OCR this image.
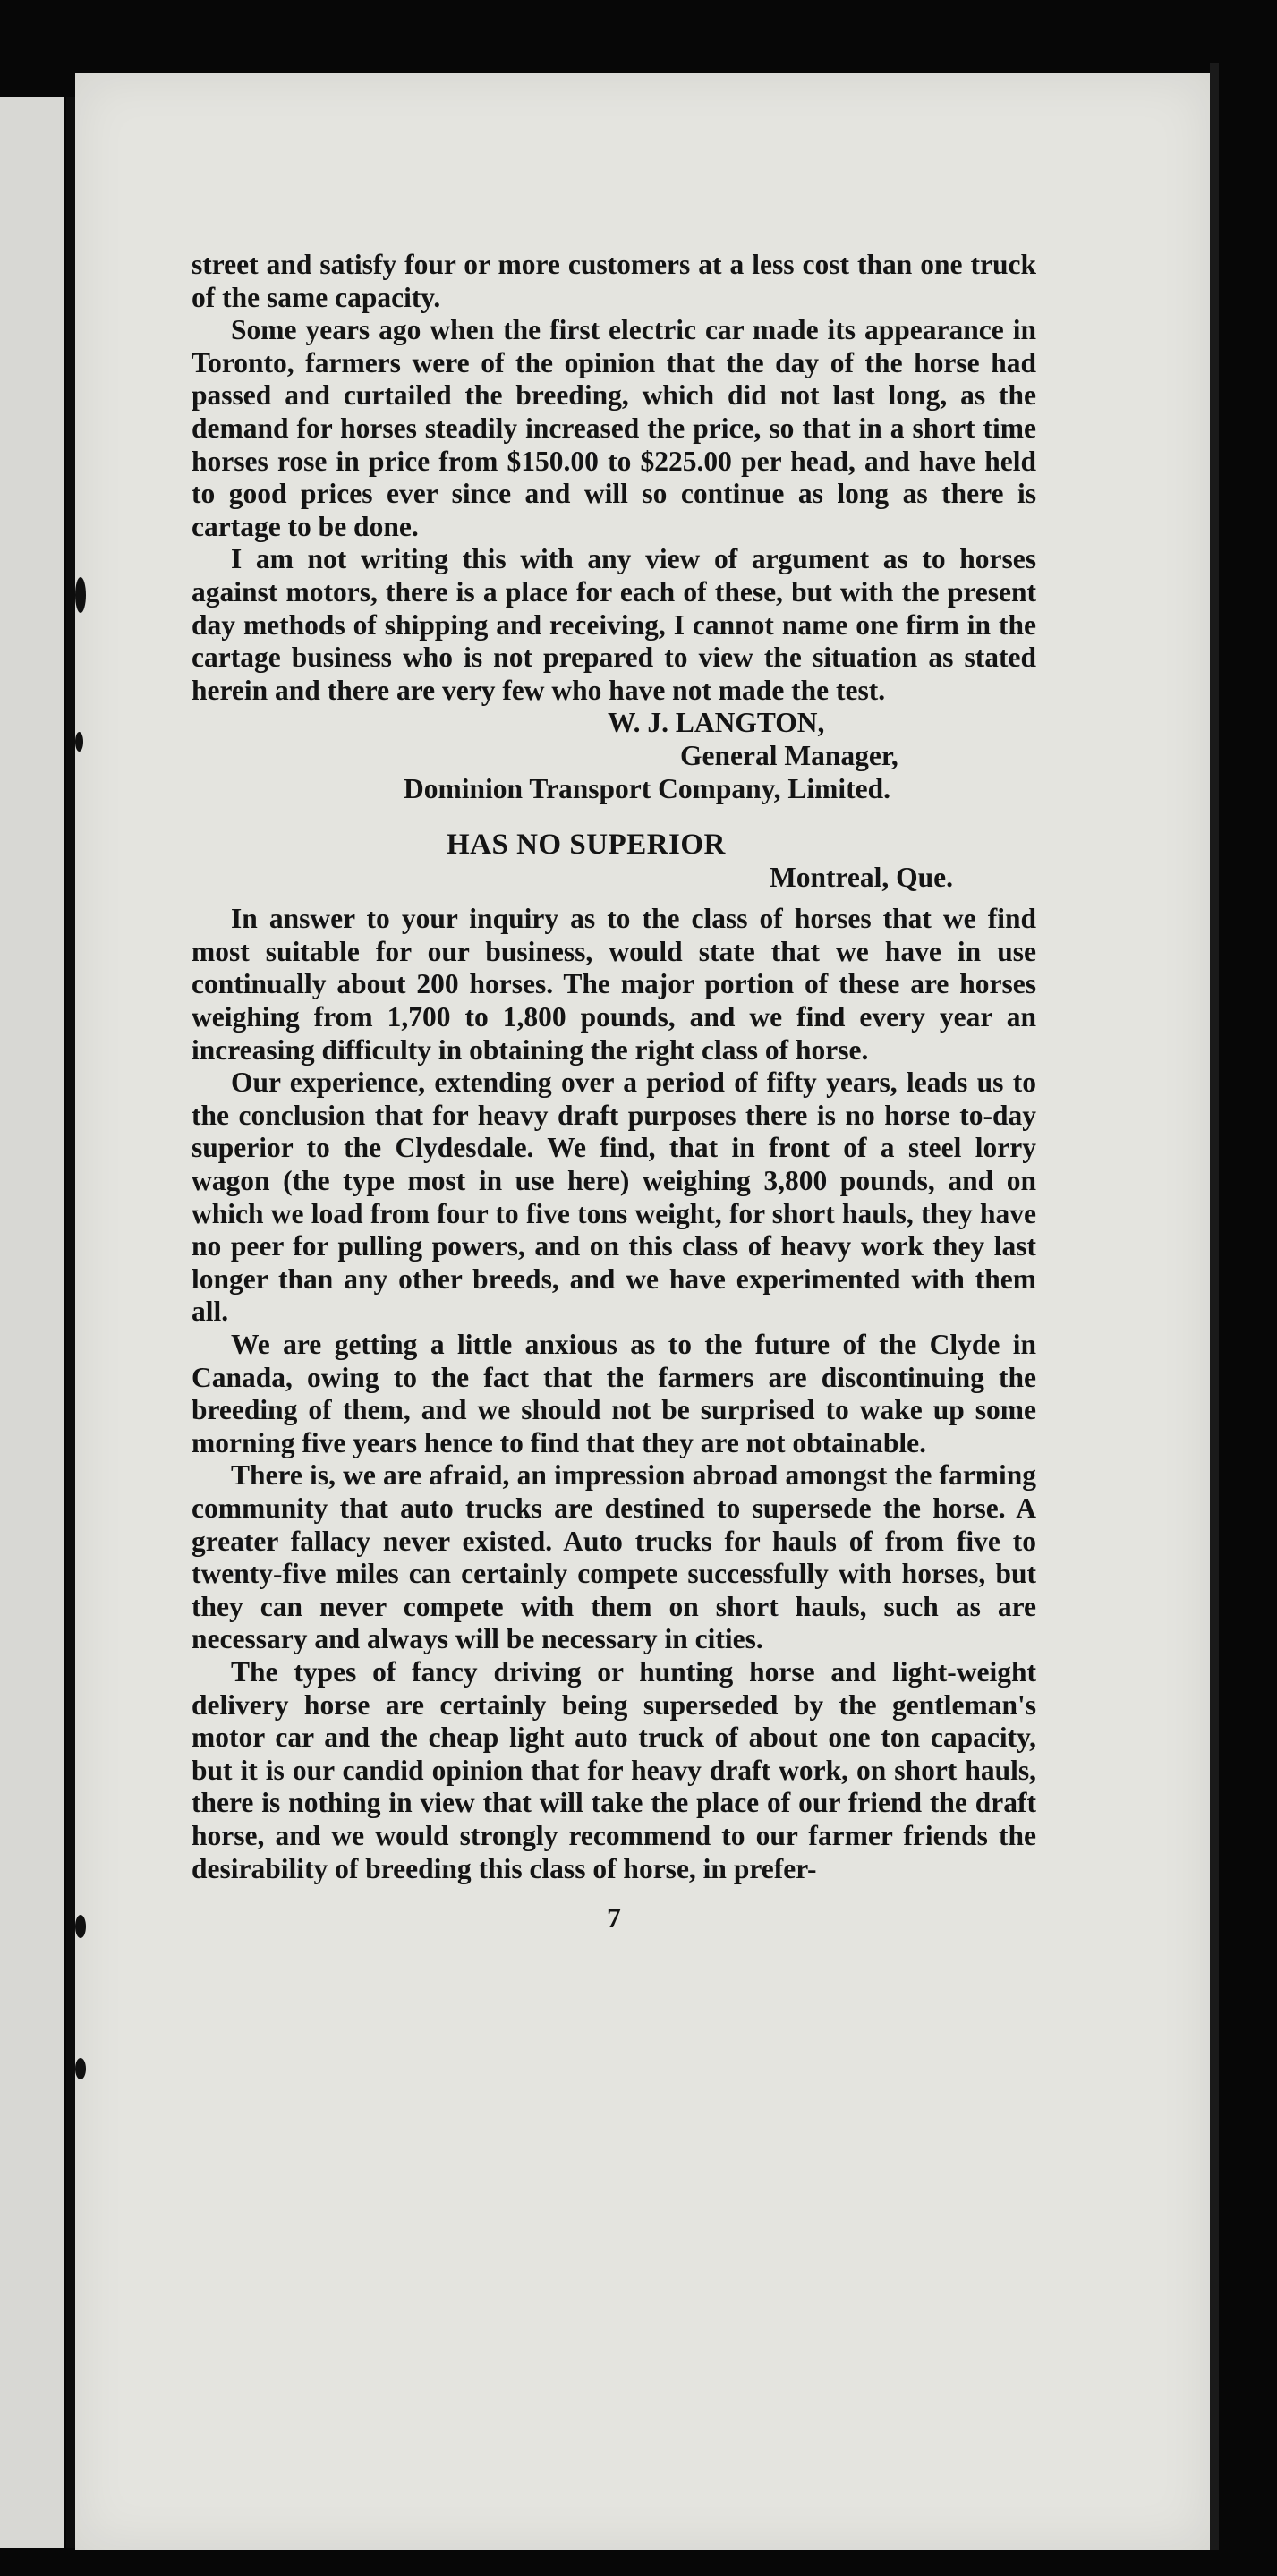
street and satisfy four or more customers at a less cost than one truck of the same capacity.

Some years ago when the first electric car made its appearance in Toronto, farmers were of the opinion that the day of the horse had passed and curtailed the breeding, which did not last long, as the demand for horses steadily increased the price, so that in a short time horses rose in price from $150.00 to $225.00 per head, and have held to good prices ever since and will so continue as long as there is cartage to be done.

I am not writing this with any view of argument as to horses against motors, there is a place for each of these, but with the present day methods of shipping and receiving, I cannot name one firm in the cartage business who is not prepared to view the situation as stated herein and there are very few who have not made the test.

W. J. LANGTON,
General Manager,
Dominion Transport Company, Limited.
HAS NO SUPERIOR
Montreal, Que.

In answer to your inquiry as to the class of horses that we find most suitable for our business, would state that we have in use continually about 200 horses. The major portion of these are horses weighing from 1,700 to 1,800 pounds, and we find every year an increasing difficulty in obtaining the right class of horse.

Our experience, extending over a period of fifty years, leads us to the conclusion that for heavy draft purposes there is no horse to-day superior to the Clydesdale. We find, that in front of a steel lorry wagon (the type most in use here) weighing 3,800 pounds, and on which we load from four to five tons weight, for short hauls, they have no peer for pulling powers, and on this class of heavy work they last longer than any other breeds, and we have experimented with them all.

We are getting a little anxious as to the future of the Clyde in Canada, owing to the fact that the farmers are discontinuing the breeding of them, and we should not be surprised to wake up some morning five years hence to find that they are not obtainable.

There is, we are afraid, an impression abroad amongst the farming community that auto trucks are destined to supersede the horse. A greater fallacy never existed. Auto trucks for hauls of from five to twenty-five miles can certainly compete successfully with horses, but they can never compete with them on short hauls, such as are necessary and always will be necessary in cities.

The types of fancy driving or hunting horse and light-weight delivery horse are certainly being superseded by the gentleman's motor car and the cheap light auto truck of about one ton capacity, but it is our candid opinion that for heavy draft work, on short hauls, there is nothing in view that will take the place of our friend the draft horse, and we would strongly recommend to our farmer friends the desirability of breeding this class of horse, in prefer-

7
